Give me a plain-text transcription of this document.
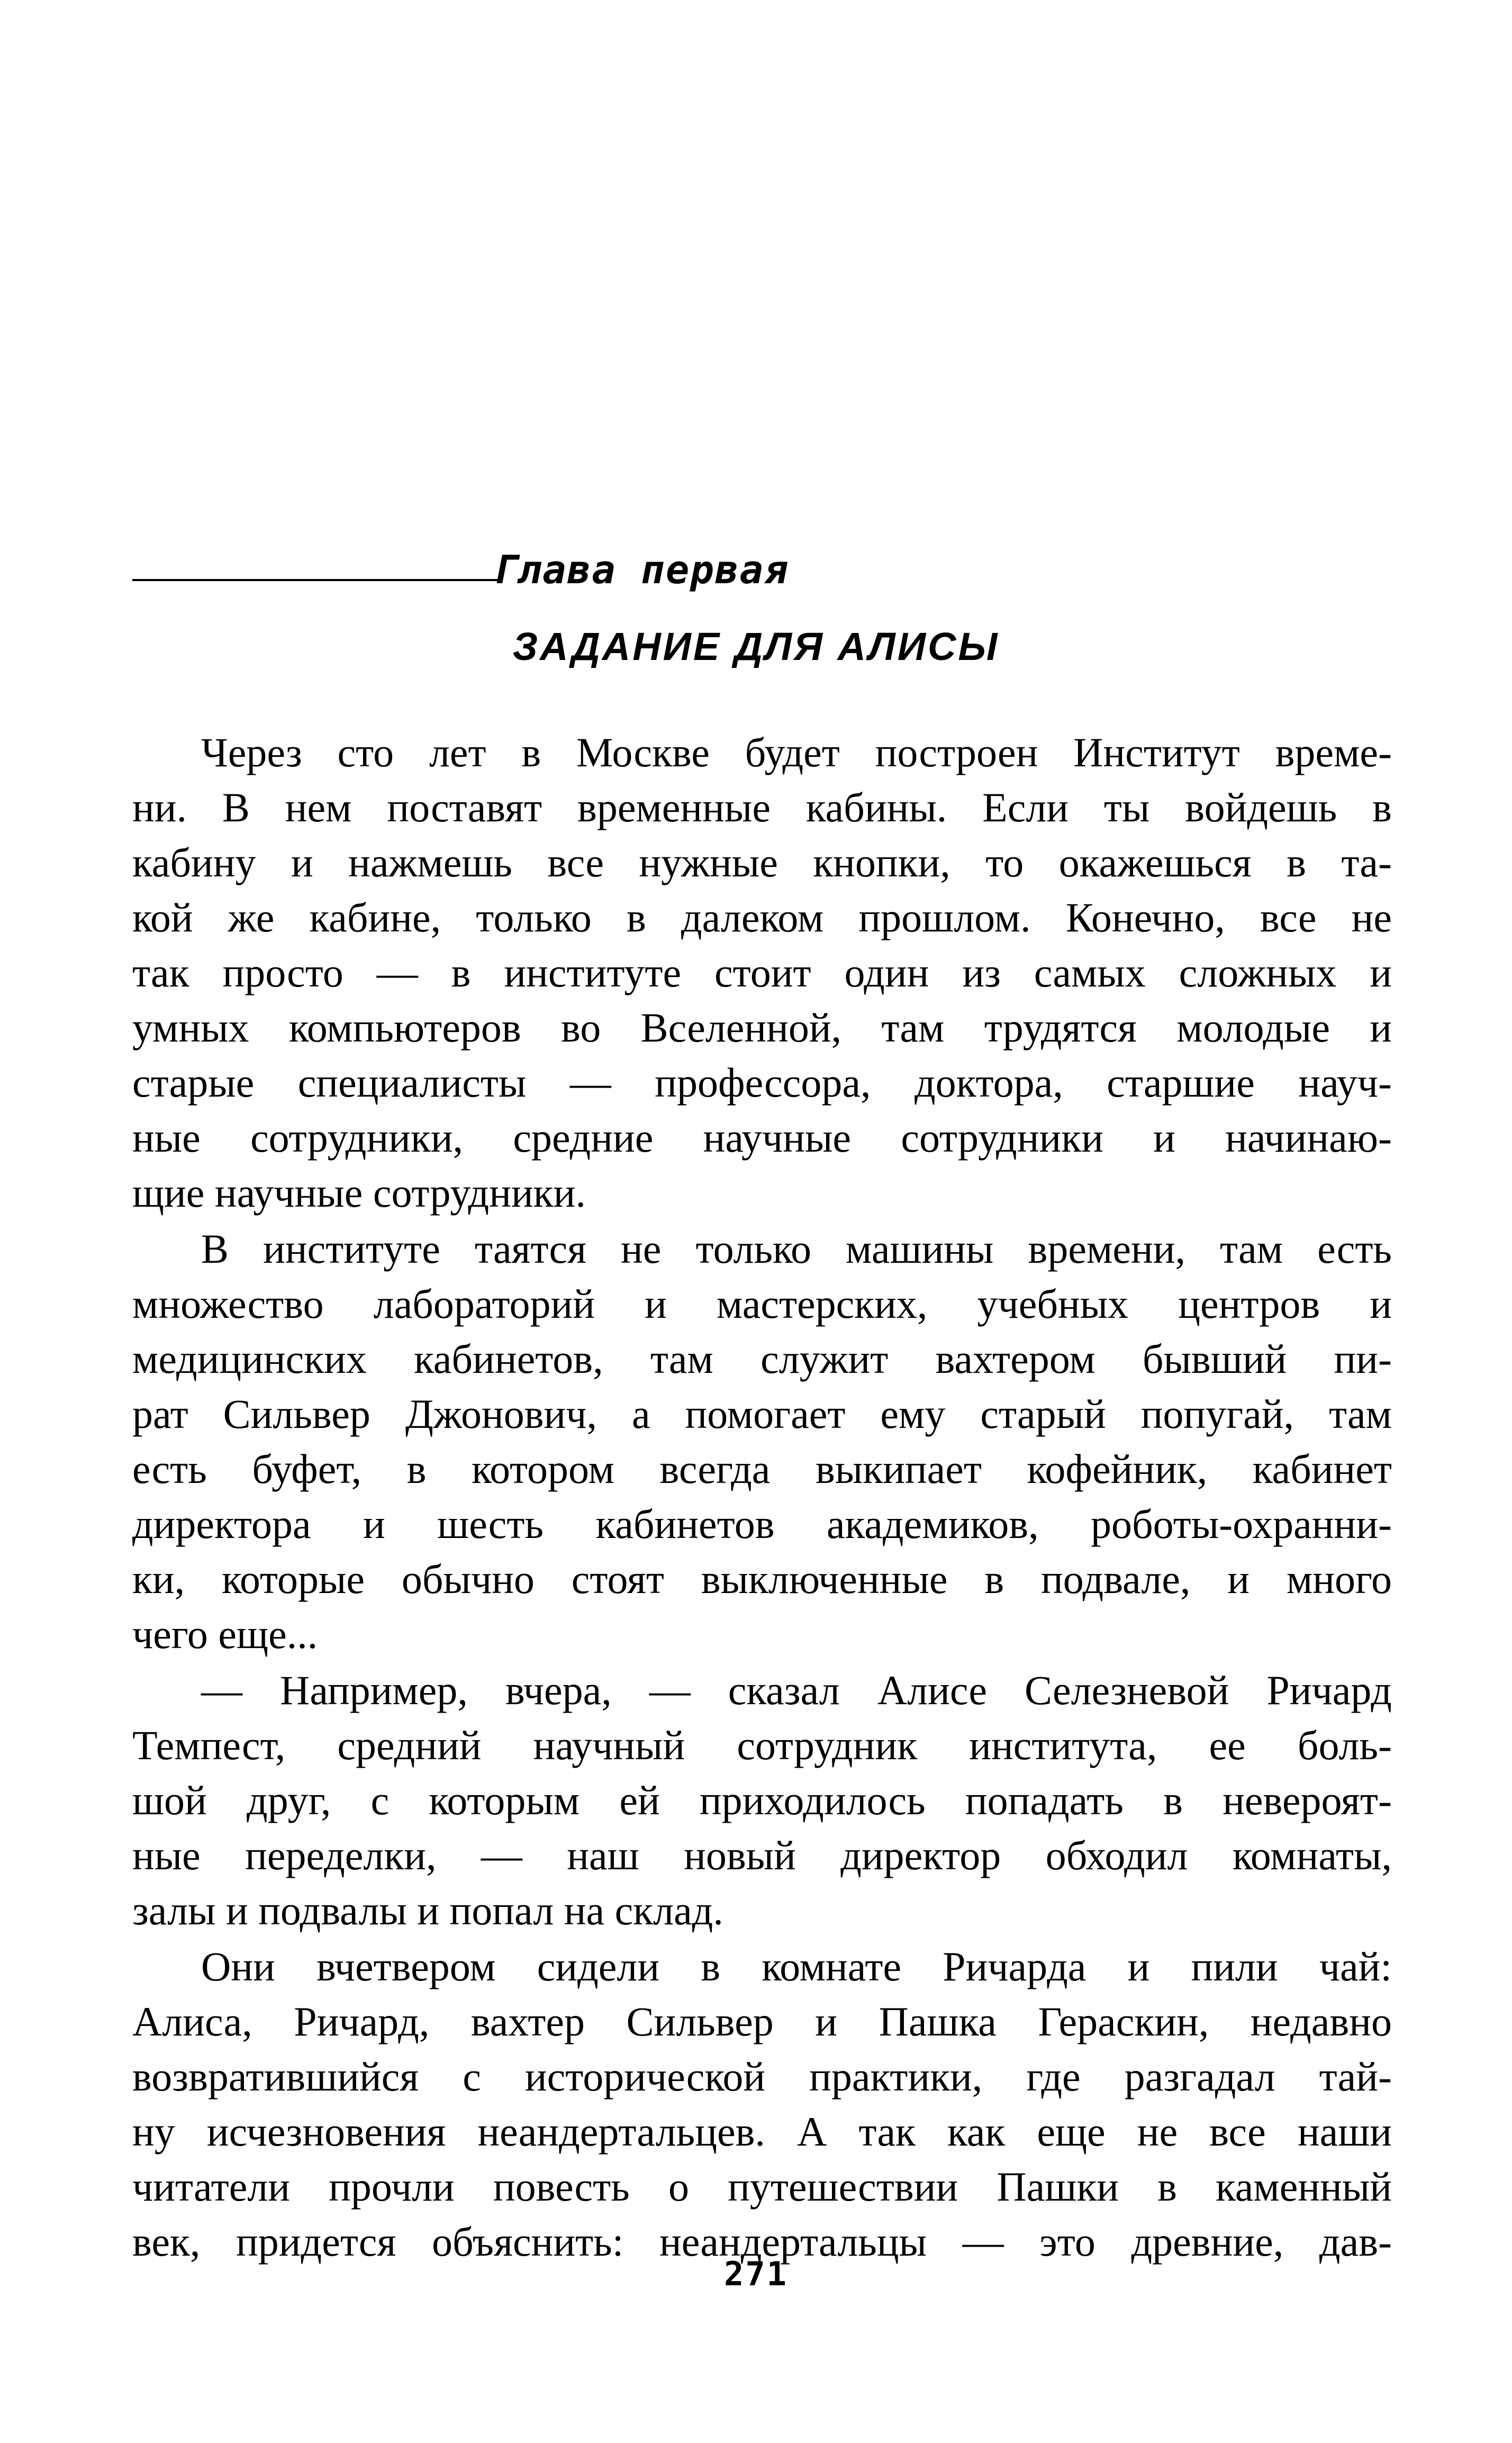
Глава первая
ЗАДАНИЕ ДЛЯ АЛИСЫ
Через сто лет в Москве будет построен Институт време-
ни. В нем поставят временные кабины. Если ты войдешь в
кабину и нажмешь все нужные кнопки, то окажешься в та-
кой же кабине, только в далеком прошлом. Конечно, все не
так просто — в институте стоит один из самых сложных и
умных компьютеров во Вселенной, там трудятся молодые и
старые специалисты — профессора, доктора, старшие науч-
ные сотрудники, средние научные сотрудники и начинаю-
щие научные сотрудники.
В институте таятся не только машины времени, там есть
множество лабораторий и мастерских, учебных центров и
медицинских кабинетов, там служит вахтером бывший пи-
рат Сильвер Джонович, а помогает ему старый попугай, там
есть буфет, в котором всегда выкипает кофейник, кабинет
директора и шесть кабинетов академиков, роботы-охранни-
ки, которые обычно стоят выключенные в подвале, и много
чего еще...
— Например, вчера, — сказал Алисе Селезневой Ричард
Темпест, средний научный сотрудник института, ее боль-
шой друг, с которым ей приходилось попадать в невероят-
ные переделки, — наш новый директор обходил комнаты,
залы и подвалы и попал на склад.
Они вчетвером сидели в комнате Ричарда и пили чай:
Алиса, Ричард, вахтер Сильвер и Пашка Гераскин, недавно
возвратившийся с исторической практики, где разгадал тай-
ну исчезновения неандертальцев. А так как еще не все наши
читатели прочли повесть о путешествии Пашки в каменный
век, придется объяснить: неандертальцы — это древние, дав-
271
